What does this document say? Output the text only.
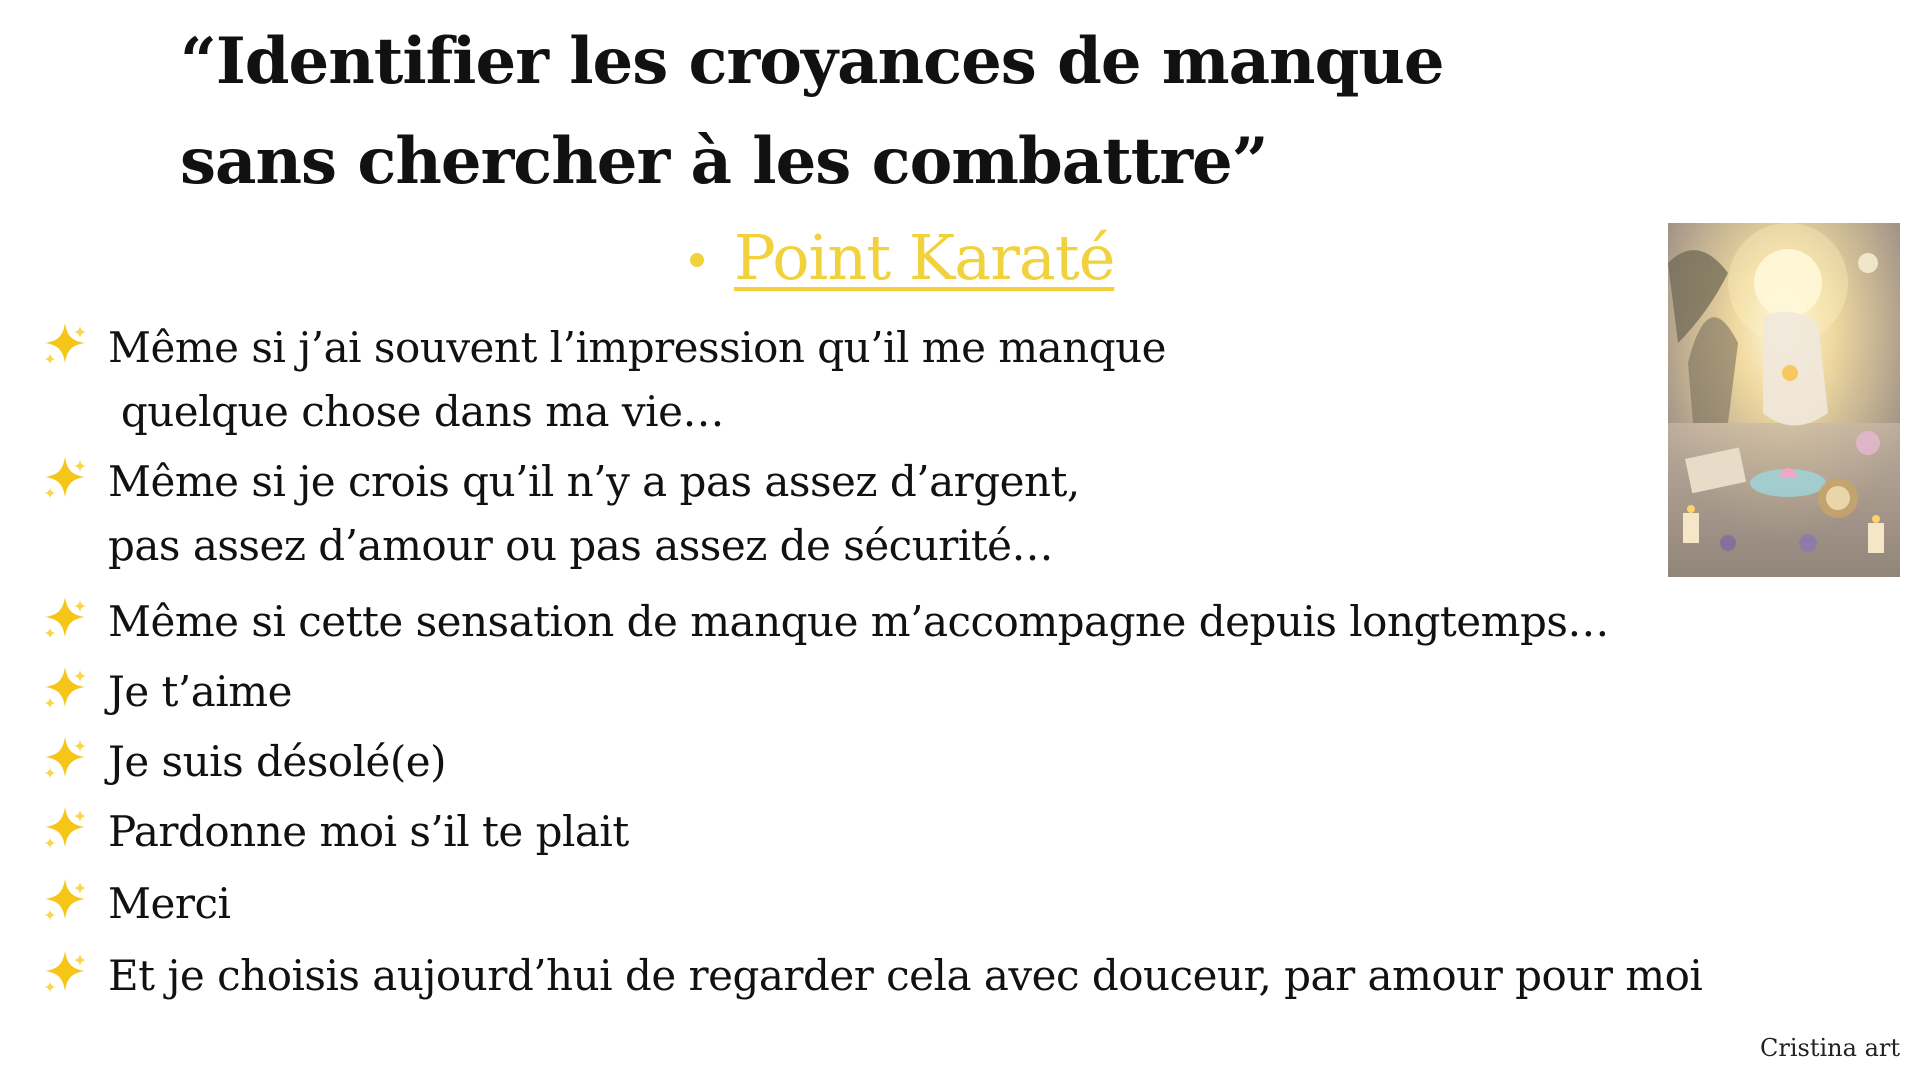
“Identifier les croyances de manque sans chercher à les combattre”
Point Karaté
Même si j’ai souvent l’impression qu’il me manque
quelque chose dans ma vie…
Même si je crois qu’il n’y a pas assez d’argent,
pas assez d’amour ou pas assez de sécurité…
Même si cette sensation de manque m’accompagne depuis longtemps…
Je t’aime
Je suis désolé(e)
Pardonne moi s’il te plait
Merci
Et je choisis aujourd’hui de regarder cela avec douceur, par amour pour moi
Cristina art
